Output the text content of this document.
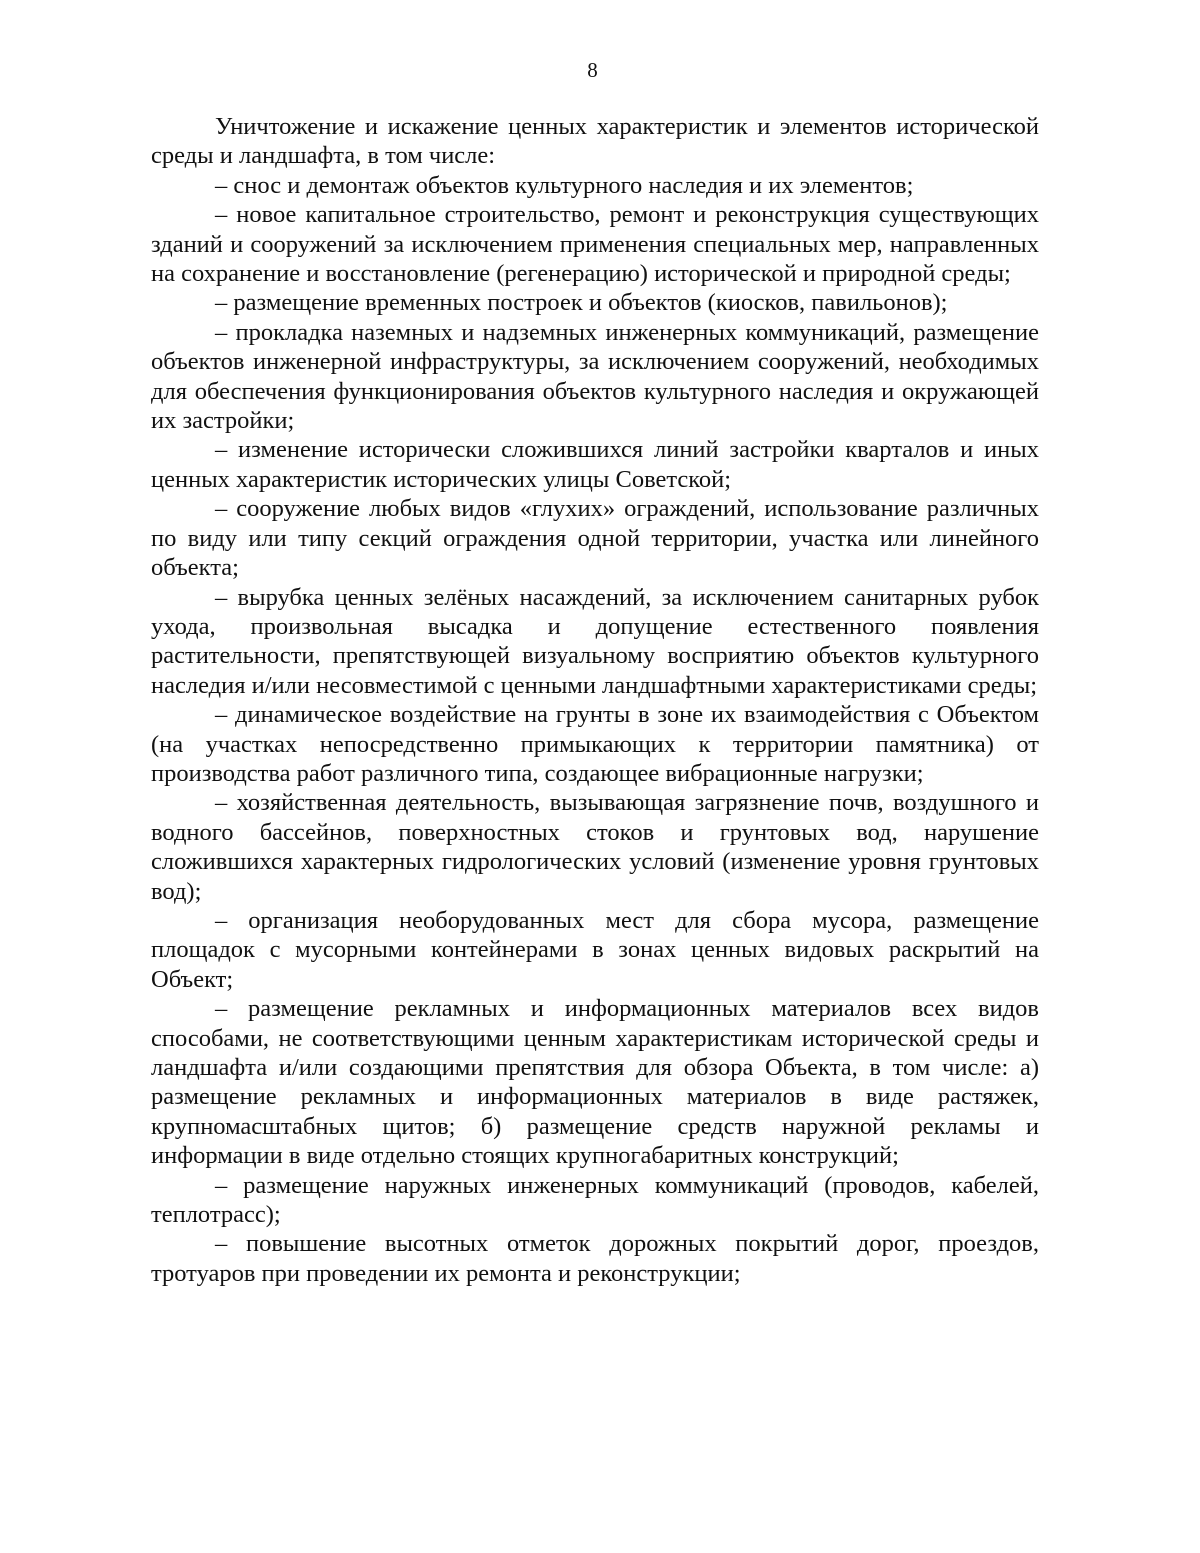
8

Уничтожение и искажение ценных характеристик и элементов исторической среды и ландшафта, в том числе:

– снос и демонтаж объектов культурного наследия и их элементов;

– новое капитальное строительство, ремонт и реконструкция существующих зданий и сооружений за исключением применения специальных мер, направленных на сохранение и восстановление (регенерацию) исторической и природной среды;

– размещение временных построек и объектов (киосков, павильонов);

– прокладка наземных и надземных инженерных коммуникаций, размещение объектов инженерной инфраструктуры, за исключением сооружений, необходимых для обеспечения функционирования объектов культурного наследия и окружающей их застройки;

– изменение исторически сложившихся линий застройки кварталов и иных ценных характеристик исторических улицы Советской;

– сооружение любых видов «глухих» ограждений, использование различных по виду или типу секций ограждения одной территории, участка или линейного объекта;

– вырубка ценных зелёных насаждений, за исключением санитарных рубок ухода, произвольная высадка и допущение естественного появления растительности, препятствующей визуальному восприятию объектов культурного наследия и/или несовместимой с ценными ландшафтными характеристиками среды;

– динамическое воздействие на грунты в зоне их взаимодействия с Объектом (на участках непосредственно примыкающих к территории памятника) от производства работ различного типа, создающее вибрационные нагрузки;

– хозяйственная деятельность, вызывающая загрязнение почв, воздушного и водного бассейнов, поверхностных стоков и грунтовых вод, нарушение сложившихся характерных гидрологических условий (изменение уровня грунтовых вод);

– организация необорудованных мест для сбора мусора, размещение площадок с мусорными контейнерами в зонах ценных видовых раскрытий на Объект;

– размещение рекламных и информационных материалов всех видов способами, не соответствующими ценным характеристикам исторической среды и ландшафта и/или создающими препятствия для обзора Объекта, в том числе: а) размещение рекламных и информационных материалов в виде растяжек, крупномасштабных щитов; б) размещение средств наружной рекламы и информации в виде отдельно стоящих крупногабаритных конструкций;

– размещение наружных инженерных коммуникаций (проводов, кабелей, теплотрасс);

– повышение высотных отметок дорожных покрытий дорог, проездов, тротуаров при проведении их ремонта и реконструкции;
